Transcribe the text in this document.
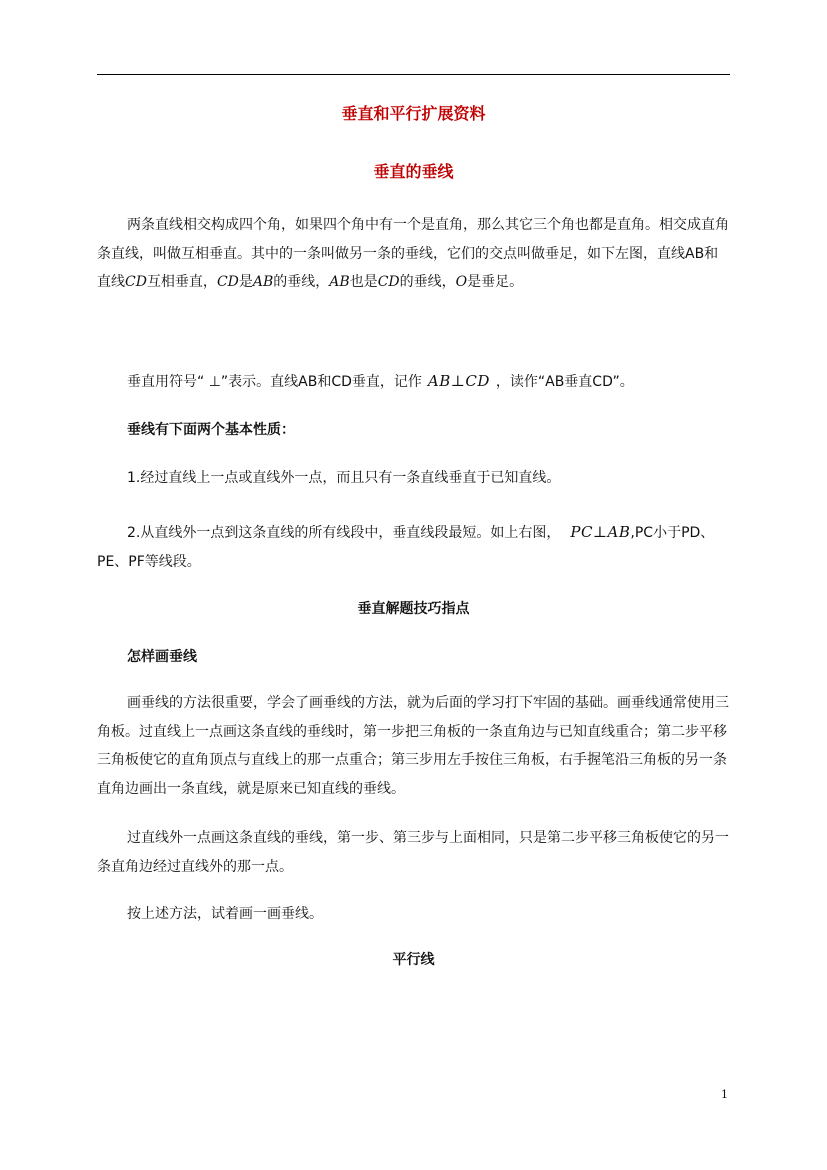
垂直和平行扩展资料

垂直的垂线

两条直线相交构成四个角，如果四个角中有一个是直角，那么其它三个角也都是直角。相交成直角条直线，叫做互相垂直。其中的一条叫做另一条的垂线，它们的交点叫做垂足，如下左图，直线AB和直线CD互相垂直，CD是AB的垂线，AB也是CD的垂线，O是垂足。

垂直用符号“ ⊥”表示。直线AB和CD垂直，记作 AB⊥CD ，读作“AB垂直CD”。

垂线有下面两个基本性质：

1.经过直线上一点或直线外一点，而且只有一条直线垂直于已知直线。

2.从直线外一点到这条直线的所有线段中，垂直线段最短。如上右图， PC⊥AB,PC小于PD、PE、PF等线段。

垂直解题技巧指点

怎样画垂线

画垂线的方法很重要，学会了画垂线的方法，就为后面的学习打下牢固的基础。画垂线通常使用三角板。过直线上一点画这条直线的垂线时，第一步把三角板的一条直角边与已知直线重合；第二步平移三角板使它的直角顶点与直线上的那一点重合；第三步用左手按住三角板，右手握笔沿三角板的另一条直角边画出一条直线，就是原来已知直线的垂线。

过直线外一点画这条直线的垂线，第一步、第三步与上面相同，只是第二步平移三角板使它的另一条直角边经过直线外的那一点。

按上述方法，试着画一画垂线。

平行线

1
